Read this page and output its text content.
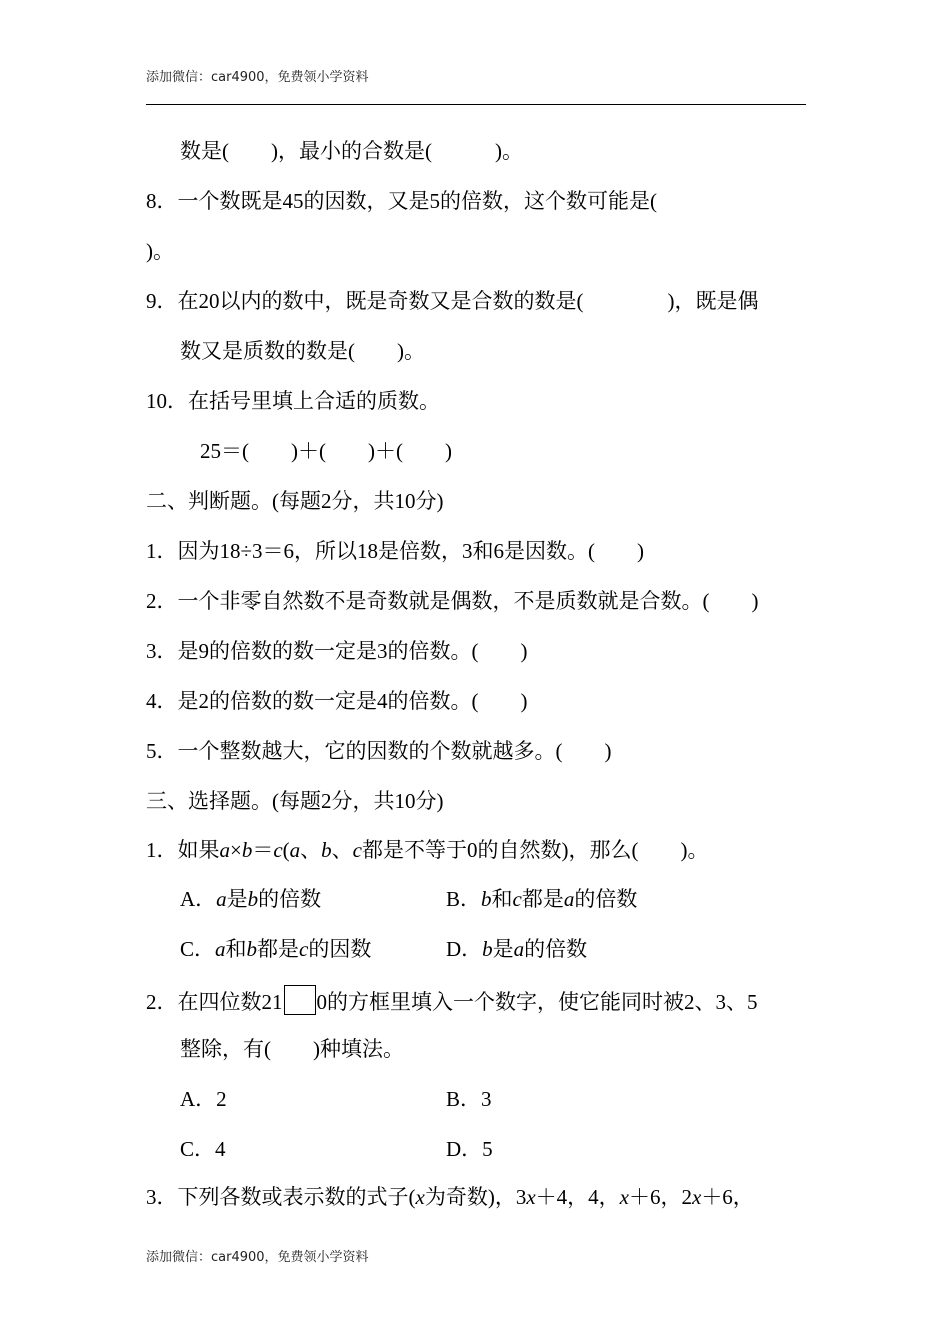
添加微信：car4900，免费领小学资料
数是(　　)，最小的合数是(　　　)。
8．一个数既是45的因数，又是5的倍数，这个数可能是(
)。
9．在20以内的数中，既是奇数又是合数的数是(　　　　)，既是偶
数又是质数的数是(　　)。
10．在括号里填上合适的质数。
25＝(　　)＋(　　)＋(　　)
二、判断题。(每题2分，共10分)
1．因为18÷3＝6，所以18是倍数，3和6是因数。(　　)
2．一个非零自然数不是奇数就是偶数，不是质数就是合数。(　　)
3．是9的倍数的数一定是3的倍数。(　　)
4．是2的倍数的数一定是4的倍数。(　　)
5．一个整数越大，它的因数的个数就越多。(　　)
三、选择题。(每题2分，共10分)
1．如果a×b＝c(a、b、c都是不等于0的自然数)，那么(　　)。
A．a是b的倍数	B．b和c都是a的倍数
C．a和b都是c的因数	D．b是a的倍数
2．在四位数21 0的方框里填入一个数字，使它能同时被2、3、5
整除，有(　　)种填法。
A．2	B．3
C．4	D．5
3．下列各数或表示数的式子(x为奇数)，3x＋4，4，x＋6，2x＋6，
添加微信：car4900，免费领小学资料
